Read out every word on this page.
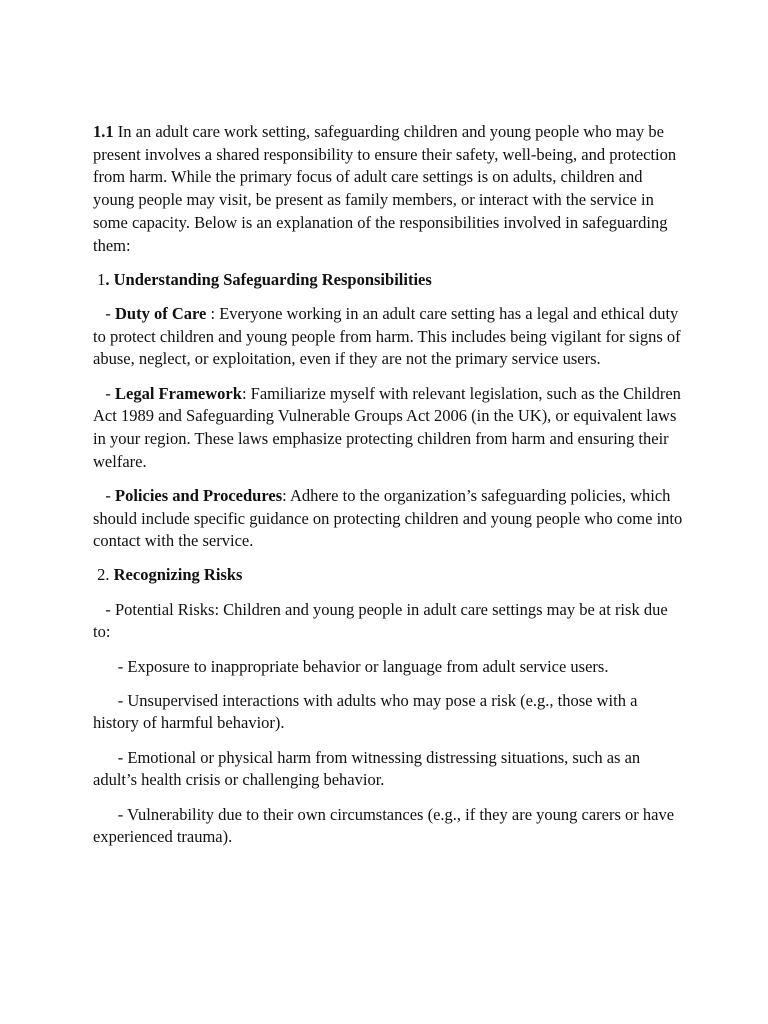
1.1 In an adult care work setting, safeguarding children and young people who may be present involves a shared responsibility to ensure their safety, well-being, and protection from harm. While the primary focus of adult care settings is on adults, children and young people may visit, be present as family members, or interact with the service in some capacity. Below is an explanation of the responsibilities involved in safeguarding them:

1. Understanding Safeguarding Responsibilities

- Duty of Care : Everyone working in an adult care setting has a legal and ethical duty to protect children and young people from harm. This includes being vigilant for signs of abuse, neglect, or exploitation, even if they are not the primary service users.

- Legal Framework: Familiarize myself with relevant legislation, such as the Children Act 1989 and Safeguarding Vulnerable Groups Act 2006 (in the UK), or equivalent laws in your region. These laws emphasize protecting children from harm and ensuring their welfare.

- Policies and Procedures: Adhere to the organization’s safeguarding policies, which should include specific guidance on protecting children and young people who come into contact with the service.

2. Recognizing Risks

- Potential Risks: Children and young people in adult care settings may be at risk due to:

- Exposure to inappropriate behavior or language from adult service users.

- Unsupervised interactions with adults who may pose a risk (e.g., those with a history of harmful behavior).

- Emotional or physical harm from witnessing distressing situations, such as an adult’s health crisis or challenging behavior.

- Vulnerability due to their own circumstances (e.g., if they are young carers or have experienced trauma).
